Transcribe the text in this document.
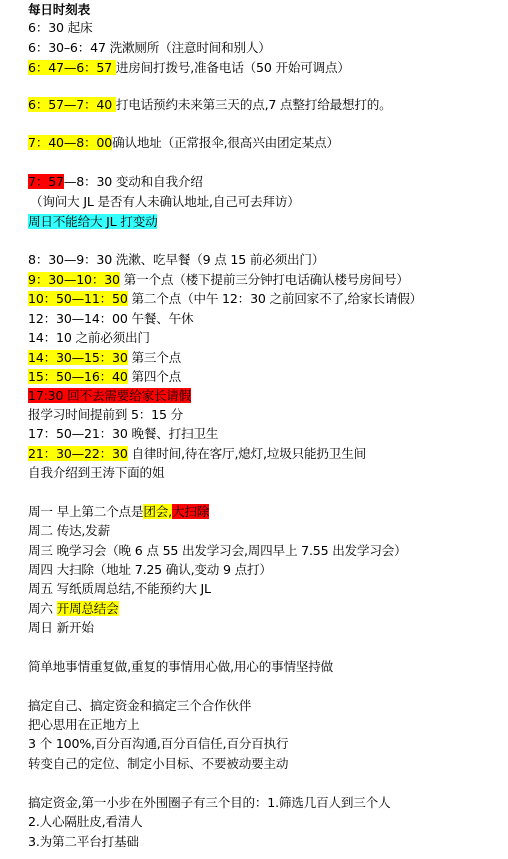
每日时刻表
6：30 起床
6：30–6：47 洗漱厕所（注意时间和别人）
6：47—6：57 进房间打拨号,准备电话（50 开始可调点）
6：57—7：40 打电话预约未来第三天的点,7 点整打给最想打的。
7：40—8：00确认地址（正常报伞,很高兴由团定某点）
7：57—8：30 变动和自我介绍
（询问大 JL 是否有人未确认地址,自己可去拜访）
周日不能给大 JL 打变动
8：30—9：30 洗漱、吃早餐（9 点 15 前必须出门）
9：30—10：30 第一个点（楼下提前三分钟打电话确认楼号房间号）
10：50—11：50 第二个点（中午 12：30 之前回家不了,给家长请假）
12：30—14：00 午餐、午休
14：10 之前必须出门
14：30—15：30 第三个点
15：50—16：40 第四个点
17:30 回不去需要给家长请假
报学习时间提前到 5：15 分
17：50—21：30 晚餐、打扫卫生
21：30—22：30 自律时间,待在客厅,熄灯,垃圾只能扔卫生间
自我介绍到王涛下面的姐
周一 早上第二个点是团会,大扫除
周二 传达,发薪
周三 晚学习会（晚 6 点 55 出发学习会,周四早上 7.55 出发学习会）
周四 大扫除（地址 7.25 确认,变动 9 点打）
周五 写纸质周总结,不能预约大 JL
周六 开周总结会
周日 新开始
简单地事情重复做,重复的事情用心做,用心的事情坚持做
搞定自己、搞定资金和搞定三个合作伙伴
把心思用在正地方上
3 个 100%,百分百沟通,百分百信任,百分百执行
转变自己的定位、制定小目标、不要被动要主动
搞定资金,第一小步在外围圈子有三个目的：1.筛选几百人到三个人
2.人心隔肚皮,看清人
3.为第二平台打基础
